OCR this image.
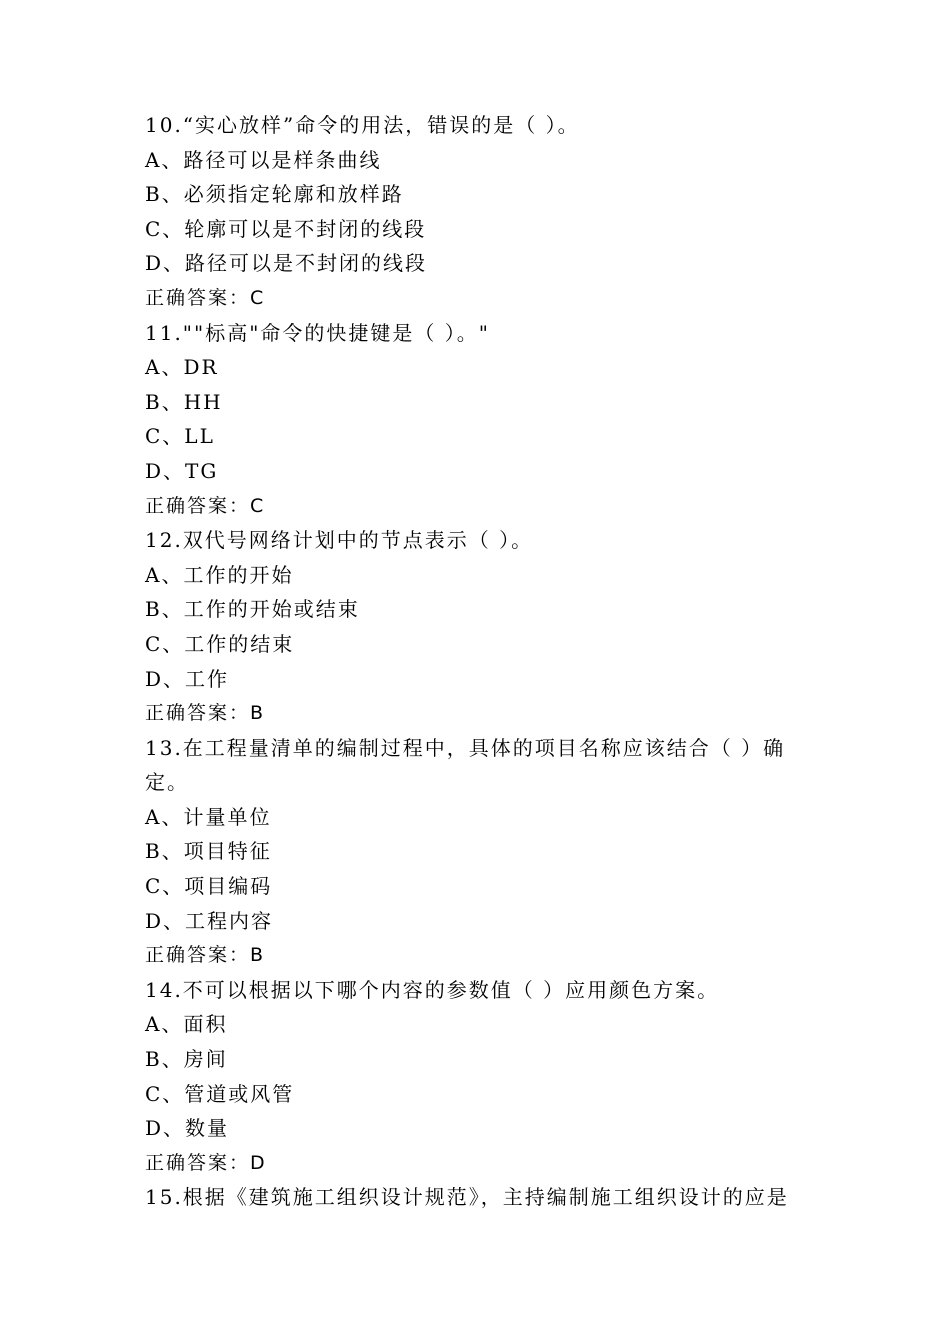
10.“实心放样”命令的用法，错误的是（ ）。
A、路径可以是样条曲线
B、必须指定轮廓和放样路
C、轮廓可以是不封闭的线段
D、路径可以是不封闭的线段
正确答案：C
11.""标高"命令的快捷键是（ ）。"
A、DR
B、HH
C、LL
D、TG
正确答案：C
12.双代号网络计划中的节点表示（ ）。
A、工作的开始
B、工作的开始或结束
C、工作的结束
D、工作
正确答案：B
13.在工程量清单的编制过程中，具体的项目名称应该结合（ ）确
定。
A、计量单位
B、项目特征
C、项目编码
D、工程内容
正确答案：B
14.不可以根据以下哪个内容的参数值（ ）应用颜色方案。
A、面积
B、房间
C、管道或风管
D、数量
正确答案：D
15.根据《建筑施工组织设计规范》，主持编制施工组织设计的应是
